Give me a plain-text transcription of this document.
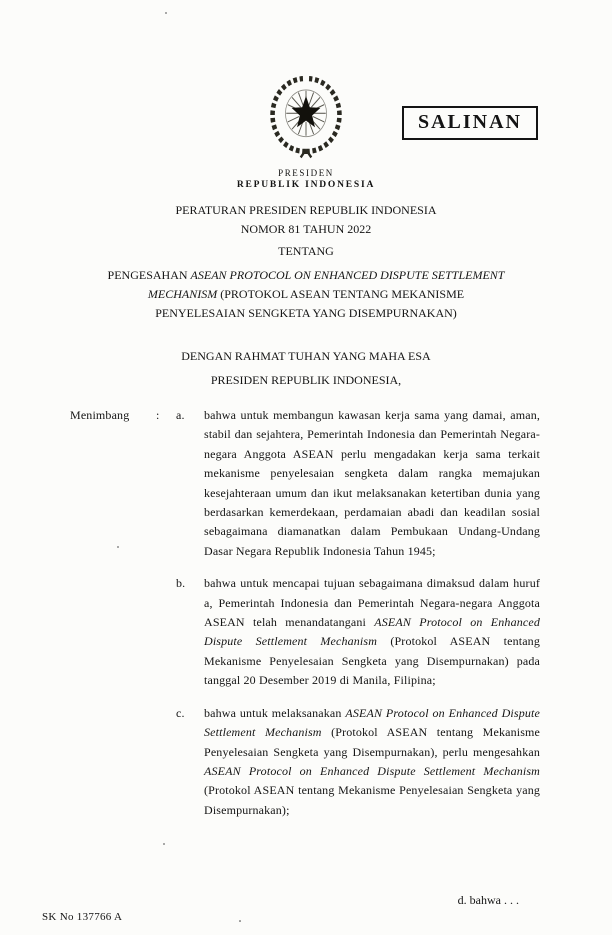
SALINAN
PRESIDEN
REPUBLIK INDONESIA
PERATURAN PRESIDEN REPUBLIK INDONESIA
NOMOR 81 TAHUN 2022
TENTANG
PENGESAHAN ASEAN PROTOCOL ON ENHANCED DISPUTE SETTLEMENT
MECHANISM (PROTOKOL ASEAN TENTANG MEKANISME
PENYELESAIAN SENGKETA YANG DISEMPURNAKAN)
DENGAN RAHMAT TUHAN YANG MAHA ESA
PRESIDEN REPUBLIK INDONESIA,
Menimbang	:	a.	bahwa untuk membangun kawasan kerja sama yang damai, aman, stabil dan sejahtera, Pemerintah Indonesia dan Pemerintah Negara-negara Anggota ASEAN perlu mengadakan kerja sama terkait mekanisme penyelesaian sengketa dalam rangka memajukan kesejahteraan umum dan ikut melaksanakan ketertiban dunia yang berdasarkan kemerdekaan, perdamaian abadi dan keadilan sosial sebagaimana diamanatkan dalam Pembukaan Undang-Undang Dasar Negara Republik Indonesia Tahun 1945;

b.	bahwa untuk mencapai tujuan sebagaimana dimaksud dalam huruf a, Pemerintah Indonesia dan Pemerintah Negara-negara Anggota ASEAN telah menandatangani ASEAN Protocol on Enhanced Dispute Settlement Mechanism (Protokol ASEAN tentang Mekanisme Penyelesaian Sengketa yang Disempurnakan) pada tanggal 20 Desember 2019 di Manila, Filipina;

c.	bahwa untuk melaksanakan ASEAN Protocol on Enhanced Dispute Settlement Mechanism (Protokol ASEAN tentang Mekanisme Penyelesaian Sengketa yang Disempurnakan), perlu mengesahkan ASEAN Protocol on Enhanced Dispute Settlement Mechanism (Protokol ASEAN tentang Mekanisme Penyelesaian Sengketa yang Disempurnakan);

d. bahwa . . .
SK No 137766 A
